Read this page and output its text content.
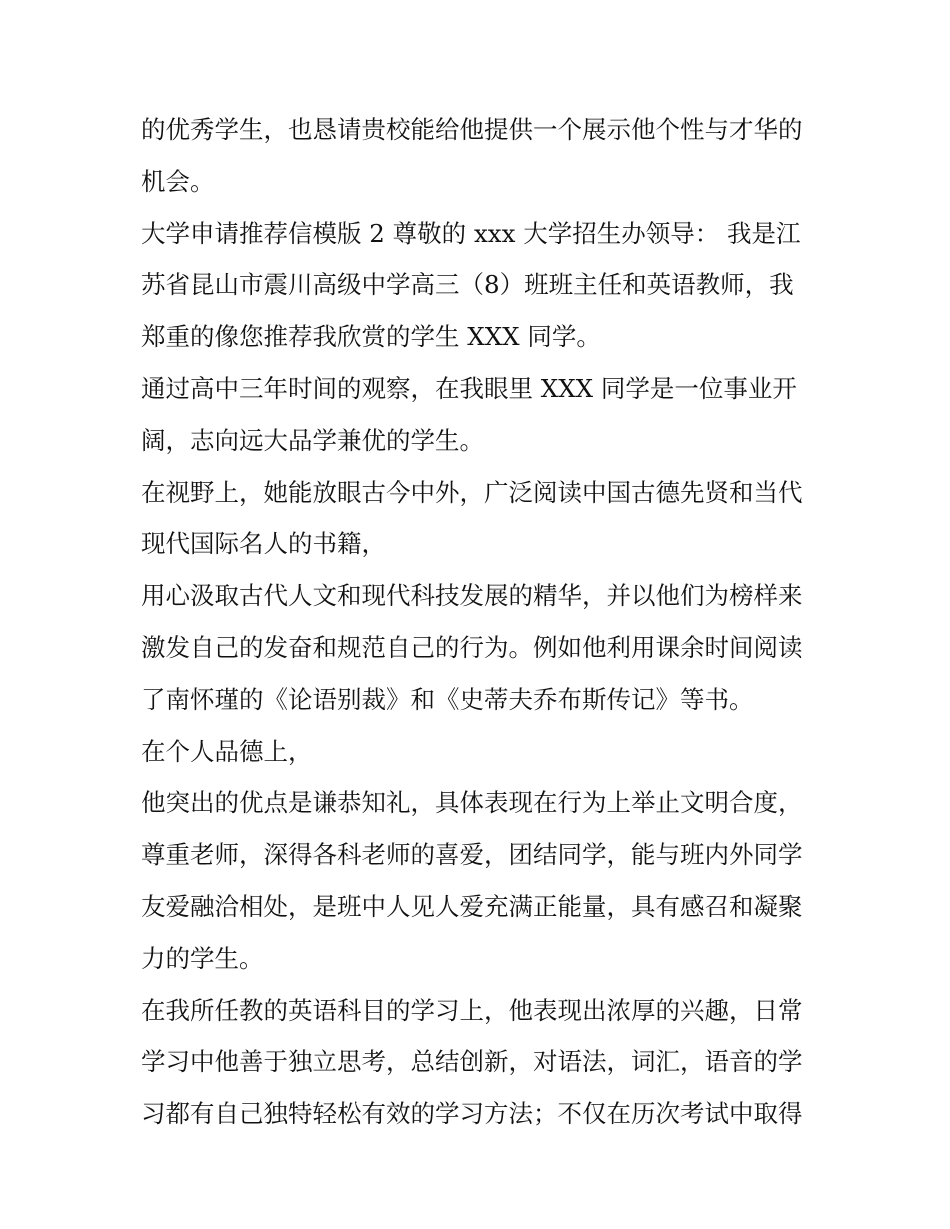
的优秀学生，也恳请贵校能给他提供一个展示他个性与才华的
机会。
大学申请推荐信模版 2 尊敬的 xxx 大学招生办领导： 我是江
苏省昆山市震川高级中学高三（8）班班主任和英语教师，我
郑重的像您推荐我欣赏的学生 XXX 同学。
通过高中三年时间的观察，在我眼里 XXX 同学是一位事业开
阔，志向远大品学兼优的学生。
在视野上，她能放眼古今中外，广泛阅读中国古德先贤和当代
现代国际名人的书籍，
用心汲取古代人文和现代科技发展的精华，并以他们为榜样来
激发自己的发奋和规范自己的行为。例如他利用课余时间阅读
了南怀瑾的《论语别裁》和《史蒂夫乔布斯传记》等书。
在个人品德上，
他突出的优点是谦恭知礼，具体表现在行为上举止文明合度，
尊重老师，深得各科老师的喜爱，团结同学，能与班内外同学
友爱融洽相处，是班中人见人爱充满正能量，具有感召和凝聚
力的学生。
在我所任教的英语科目的学习上，他表现出浓厚的兴趣，日常
学习中他善于独立思考，总结创新，对语法，词汇，语音的学
习都有自己独特轻松有效的学习方法；不仅在历次考试中取得
